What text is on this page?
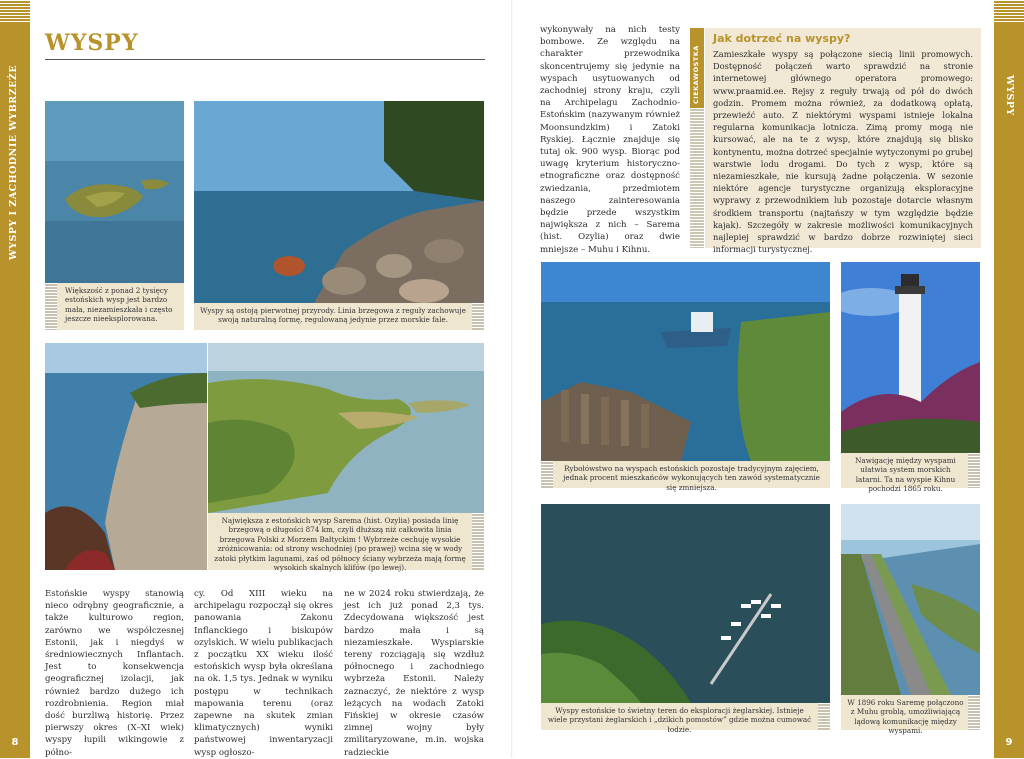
WYSPY I ZACHODNIE WYBRZEŻE
8
WYSPY
9
WYSPY
Większość z ponad 2 tysięcy estońskich wysp jest bardzo mała, niezamieszkała i często jeszcze nieeksplorowana.
Wyspy są ostoją pierwotnej przyrody. Linia brzegowa z reguły zachowuje swoją naturalną formę, regulowaną jedynie przez morskie fale.
Największa z estońskich wysp Sarema (hist. Ozylia) posiada linię brzegową o długości 874 km, czyli dłuższą niż całkowita linia brzegowa Polski z Morzem Bałtyckim ! Wybrzeże cechuję wysokie zróżnicowania: od strony wschodniej (po prawej) wcina się w wody zatoki płytkim lagunami, zaś od północy ściany wybrzeża mają formę wysokich skalnych klifów (po lewej).
Estońskie wyspy stanowią nieco odrębny geograficznie, a także kulturowo region, zarówno we współczesnej Estonii, jak i niegdyś w średniowiecznych Inflantach. Jest to konsekwencja geograficznej izolacji, jak również bardzo dużego ich rozdrobnienia. Region miał dość burzliwą historię. Przez pierwszy okres (X–XI wiek) wyspy łupili wikingowie z półno-
cy. Od XIII wieku na archipelagu rozpoczął się okres panowania Zakonu Inflanckiego i biskupów ozylskich. W wielu publikacjach z początku XX wieku ilość estońskich wysp była określana na ok. 1,5 tys. Jednak w wyniku postępu w technikach mapowania terenu (oraz zapewne na skutek zmian klimatycznych) wyniki państwowej inwentaryzacji wysp ogłoszo-
ne w 2024 roku stwierdzają, że jest ich już ponad 2,3 tys. Zdecydowana większość jest bardzo mała i są niezamieszkałe. Wyspiarskie tereny rozciągają się wzdłuż północnego i zachodniego wybrzeża Estonii. Należy zaznaczyć, że niektóre z wysp leżących na wodach Zatoki Fińskiej w okresie czasów zimnej wojny były zmilitaryzowane, m.in. wojska radzieckie
wykonywały na nich testy bombowe. Ze względu na charakter przewodnika skoncentrujemy się jedynie na wyspach usytuowanych od zachodniej strony kraju, czyli na Archipelagu Zachodnio-Estońskim (nazywanym również Moonsundzkim) i Zatoki Ryskiej. Łącznie znajduje się tutaj ok. 900 wysp. Biorąc pod uwagę kryterium historyczno-etnograficzne oraz dostępność zwiedzania, przedmiotem naszego zainteresowania będzie przede wszystkim największa z nich – Sarema (hist. Ozylia) oraz dwie mniejsze – Muhu i Kihnu.
CIEKAWOSTKA
Jak dotrzeć na wyspy?
Zamieszkałe wyspy są połączone siecią linii promowych. Dostępność połączeń warto sprawdzić na stronie internetowej głównego operatora promowego: www.praamid.ee. Rejsy z reguły trwają od pół do dwóch godzin. Promem można również, za dodatkową opłatą, przewieźć auto. Z niektórymi wyspami istnieje lokalna regularna komunikacja lotnicza. Zimą promy mogą nie kursować, ale na te z wysp, które znajdują się blisko kontynentu, można dotrzeć specjalnie wytyczonymi po grubej warstwie lodu drogami. Do tych z wysp, które są niezamieszkałe, nie kursują żadne połączenia. W sezonie niektóre agencje turystyczne organizują eksploracyjne wyprawy z przewodnikiem lub pozostaje dotarcie własnym środkiem transportu (najtańszy w tym względzie będzie kajak). Szczegóły w zakresie możliwości komunikacyjnych najlepiej sprawdzić w bardzo dobrze rozwiniętej sieci informacji turystycznej.
Rybołówstwo na wyspach estońskich pozostaje tradycyjnym zajęciem, jednak procent mieszkańców wykonujących ten zawód systematycznie się zmniejsza.
Nawigację między wyspami ułatwia system morskich latarni. Ta na wyspie Kihnu pochodzi 1865 roku.
Wyspy estońskie to świetny teren do eksploracji żeglarskiej. Istnieje wiele przystani żeglarskich i „dzikich pomostów” gdzie można cumować łodzie.
W 1896 roku Saremę połączono z Muhu groblą, umożliwiającą lądową komunikację między wyspami.
